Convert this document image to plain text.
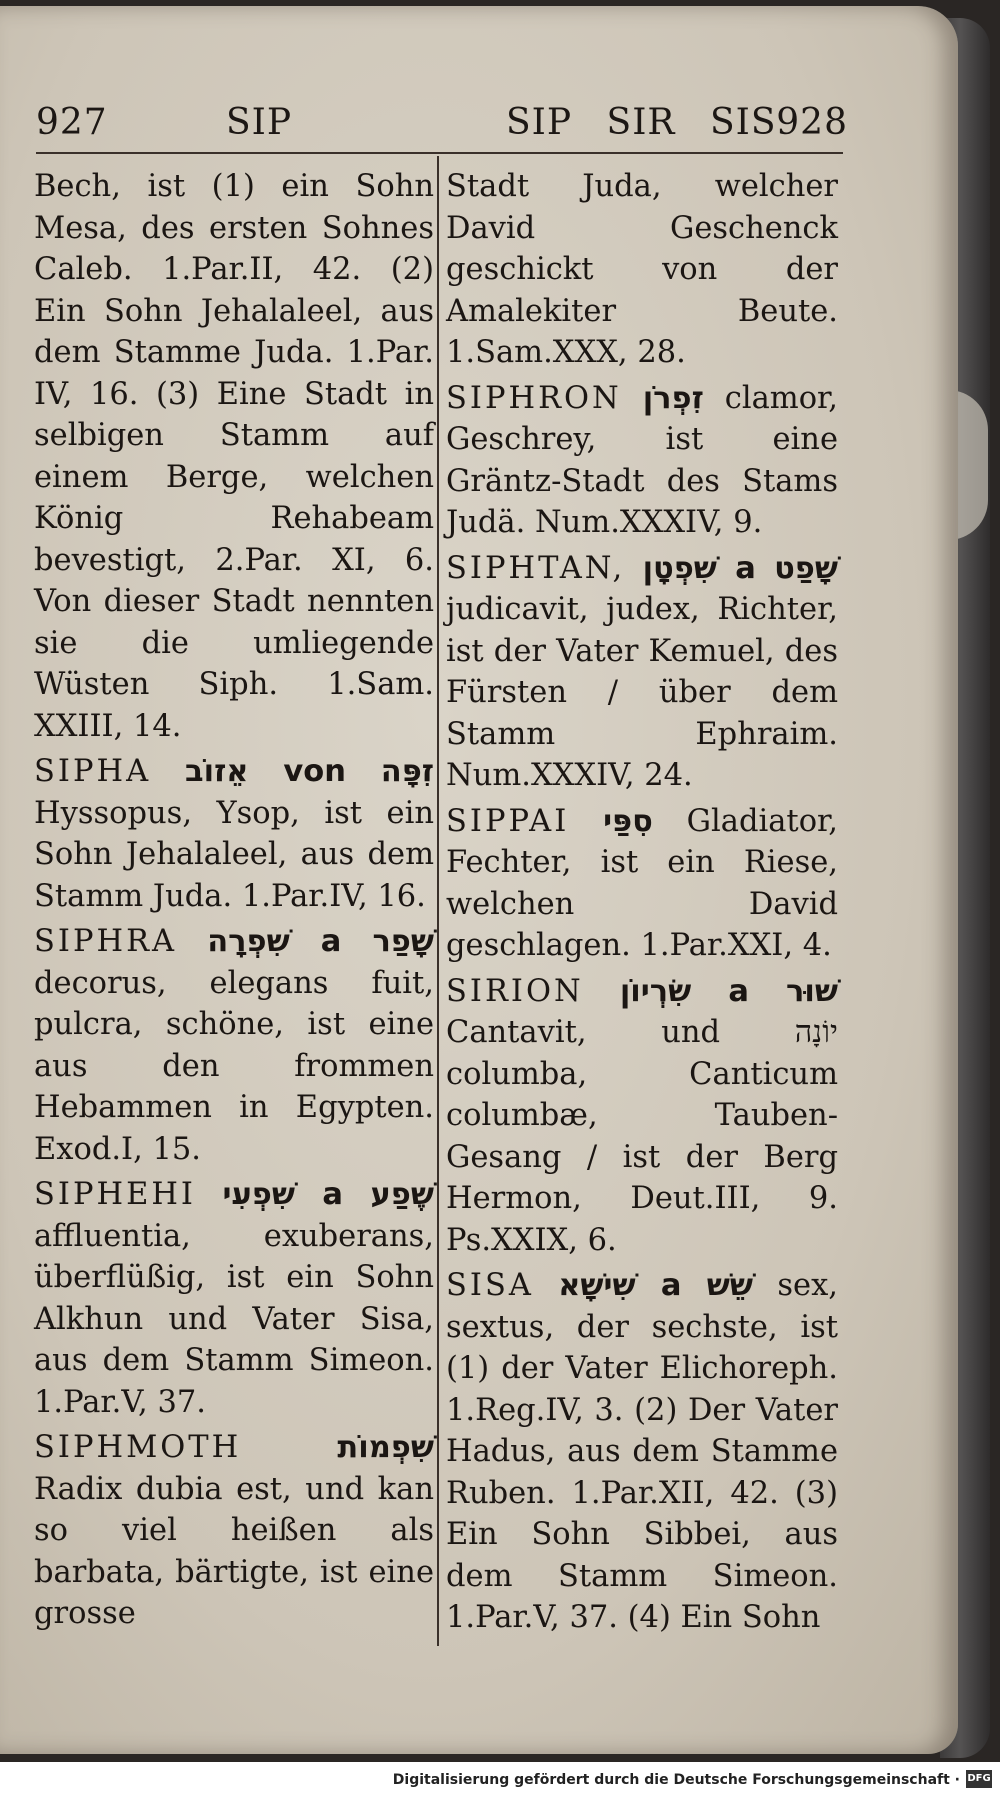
927	SIP	SIP SIR SIS 928

Bech, ist (1) ein Sohn Mesa, des ersten Sohnes Caleb. 1.Par.II, 42. (2) Ein Sohn Jehalaleel, aus dem Stamme Juda. 1.Par. IV, 16. (3) Eine Stadt in selbigen Stamm auf einem Berge, welchen König Rehabeam bevestigt, 2.Par. XI, 6. Von dieser Stadt nennten sie die umliegende Wüsten Siph. 1.Sam. XXIII, 14.

SIPHA אֵזוֹב von זִפָּה Hyssopus, Ysop, ist ein Sohn Jehalaleel, aus dem Stamm Juda. 1.Par.IV, 16.

SIPHRA שִׁפְרָה a שָׁפַר decorus, elegans fuit, pulcra, schöne, ist eine aus den frommen Hebammen in Egypten. Exod.I, 15.

SIPHEHI שִׁפְעִי a שֶׁפַע affluentia, exuberans, überflüßig, ist ein Sohn Alkhun und Vater Sisa, aus dem Stamm Simeon. 1.Par.V, 37.

SIPHMOTH	שִׁפְמוֹת Radix dubia est, und kan so viel heißen als barbata, bärtigte, ist eine grosse

Stadt Juda, welcher David Geschenck geschickt von der Amalekiter Beute. 1.Sam.XXX, 28.

SIPHRON זִפְרֹן clamor, Geschrey, ist eine Gräntz-Stadt des Stams Judä. Num.XXXIV, 9.

SIPHTAN, שִׁפְטָן a שָׁפַט judicavit, judex, Richter, ist der Vater Kemuel, des Fürsten / über dem Stamm Ephraim. Num.XXXIV, 24.

SIPPAI סִפַּי Gladiator, Fechter, ist ein Riese, welchen David geschlagen. 1.Par.XXI, 4.

SIRION שִׂרְיוֹן a שׁוּר Cantavit, und יוֹנָה columba, Canticum columbæ, Tauben-Gesang / ist der Berg Hermon, Deut.III, 9. Ps.XXIX, 6.

SISA שִׁישָׁא a שֵׁשׁ sex, sextus, der sechste, ist (1) der Vater Elichoreph. 1.Reg.IV, 3. (2) Der Vater Hadus, aus dem Stamme Ruben. 1.Par.XII, 42. (3) Ein Sohn Sibbei, aus dem Stamm Simeon. 1.Par.V, 37. (4) Ein Sohn

Digitalisierung gefördert durch die Deutsche Forschungsgemeinschaft · DFG
